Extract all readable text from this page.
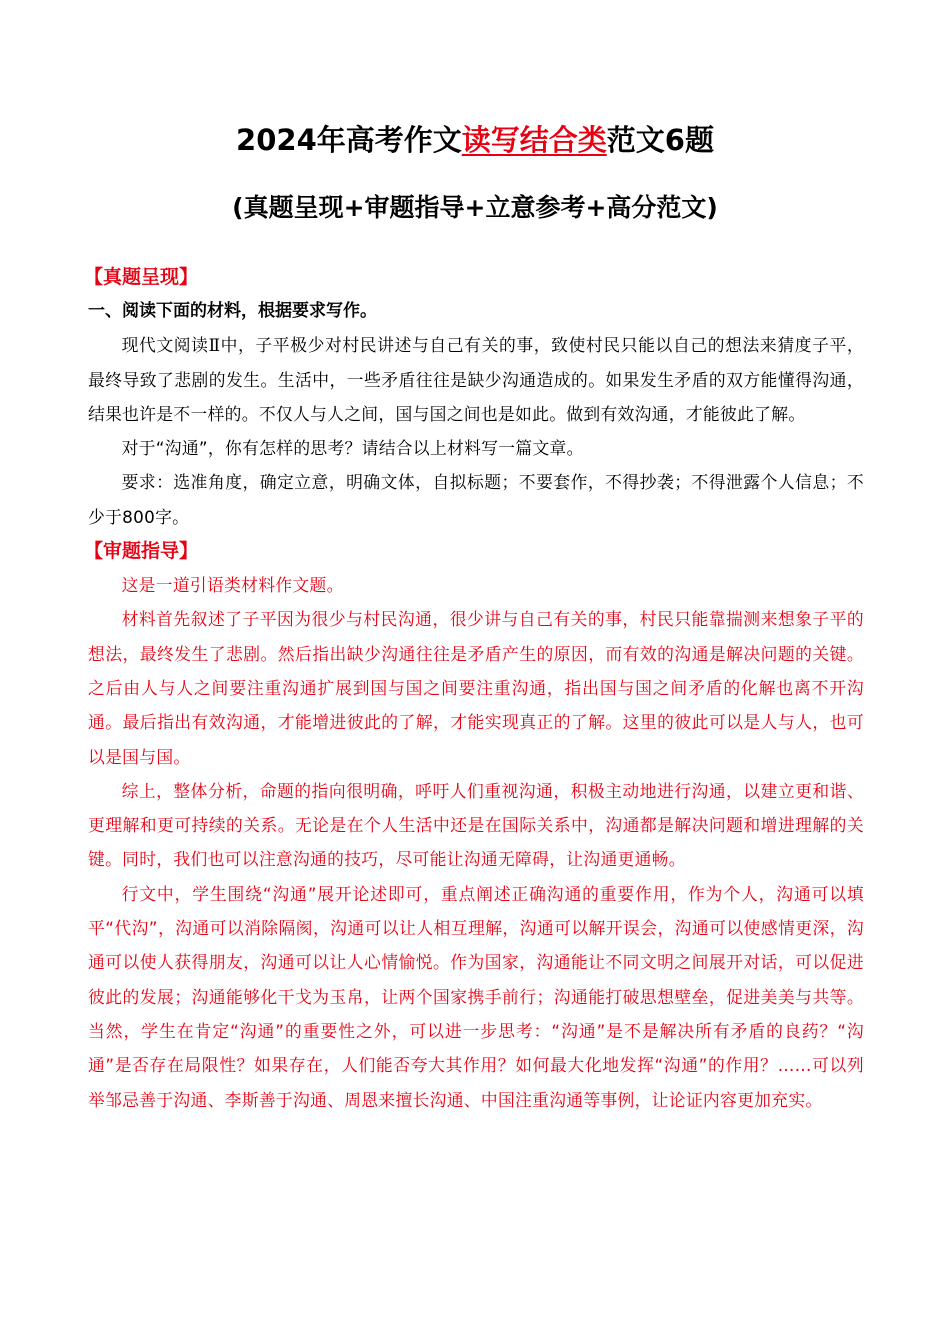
2024年高考作文读写结合类范文6题
(真题呈现+审题指导+立意参考+高分范文)
【真题呈现】
一、阅读下面的材料，根据要求写作。

现代文阅读Ⅱ中，子平极少对村民讲述与自己有关的事，致使村民只能以自己的想法来猜度子平，最终导致了悲剧的发生。生活中，一些矛盾往往是缺少沟通造成的。如果发生矛盾的双方能懂得沟通，结果也许是不一样的。不仅人与人之间，国与国之间也是如此。做到有效沟通，才能彼此了解。

对于“沟通”，你有怎样的思考？请结合以上材料写一篇文章。

要求：选准角度，确定立意，明确文体，自拟标题；不要套作，不得抄袭；不得泄露个人信息；不少于800字。

【审题指导】

这是一道引语类材料作文题。

材料首先叙述了子平因为很少与村民沟通，很少讲与自己有关的事，村民只能靠揣测来想象子平的想法，最终发生了悲剧。然后指出缺少沟通往往是矛盾产生的原因，而有效的沟通是解决问题的关键。之后由人与人之间要注重沟通扩展到国与国之间要注重沟通，指出国与国之间矛盾的化解也离不开沟通。最后指出有效沟通，才能增进彼此的了解，才能实现真正的了解。这里的彼此可以是人与人，也可以是国与国。

综上，整体分析，命题的指向很明确，呼吁人们重视沟通，积极主动地进行沟通，以建立更和谐、更理解和更可持续的关系。无论是在个人生活中还是在国际关系中，沟通都是解决问题和增进理解的关键。同时，我们也可以注意沟通的技巧，尽可能让沟通无障碍，让沟通更通畅。

行文中，学生围绕“沟通”展开论述即可，重点阐述正确沟通的重要作用，作为个人，沟通可以填平“代沟”，沟通可以消除隔阂，沟通可以让人相互理解，沟通可以解开误会，沟通可以使感情更深，沟通可以使人获得朋友，沟通可以让人心情愉悦。作为国家，沟通能让不同文明之间展开对话，可以促进彼此的发展；沟通能够化干戈为玉帛，让两个国家携手前行；沟通能打破思想壁垒，促进美美与共等。当然，学生在肯定“沟通”的重要性之外，可以进一步思考：“沟通”是不是解决所有矛盾的良药？“沟通”是否存在局限性？如果存在，人们能否夸大其作用？如何最大化地发挥“沟通”的作用？……可以列举邹忌善于沟通、李斯善于沟通、周恩来擅长沟通、中国注重沟通等事例，让论证内容更加充实。
